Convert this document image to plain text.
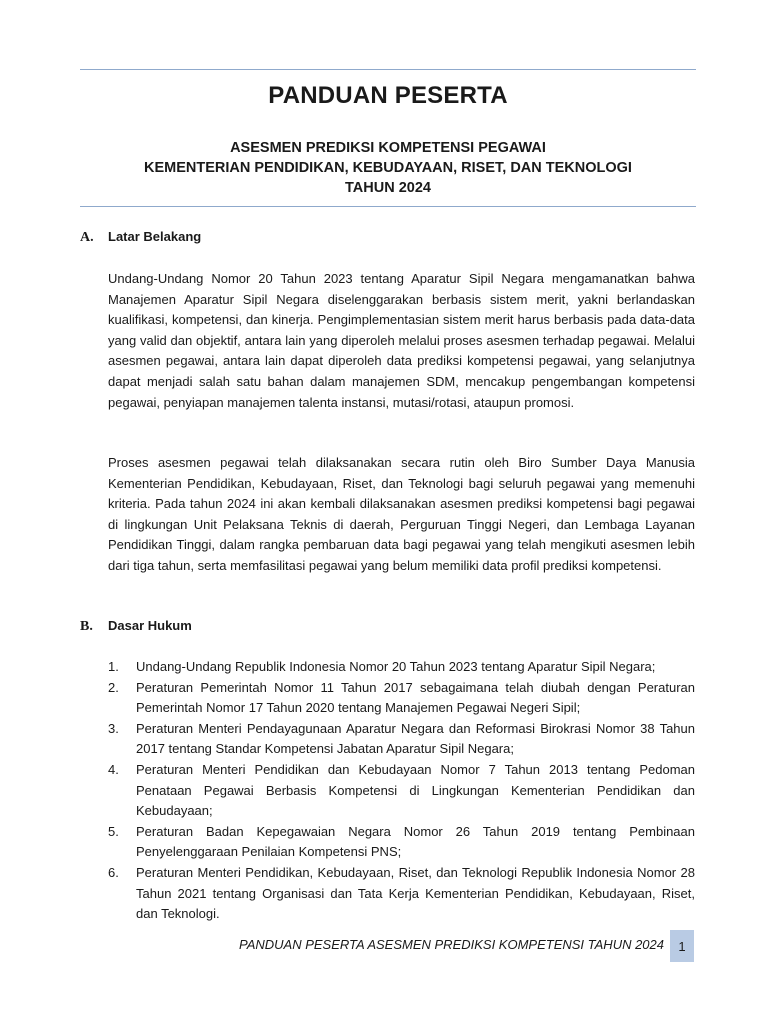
PANDUAN PESERTA
ASESMEN PREDIKSI KOMPETENSI PEGAWAI
KEMENTERIAN PENDIDIKAN, KEBUDAYAAN, RISET, DAN TEKNOLOGI
TAHUN 2024
A. Latar Belakang

Undang-Undang Nomor 20 Tahun 2023 tentang Aparatur Sipil Negara mengamanatkan bahwa Manajemen Aparatur Sipil Negara diselenggarakan berbasis sistem merit, yakni berlandaskan kualifikasi, kompetensi, dan kinerja. Pengimplementasian sistem merit harus berbasis pada data-data yang valid dan objektif, antara lain yang diperoleh melalui proses asesmen terhadap pegawai. Melalui asesmen pegawai, antara lain dapat diperoleh data prediksi kompetensi pegawai, yang selanjutnya dapat menjadi salah satu bahan dalam manajemen SDM, mencakup pengembangan kompetensi pegawai, penyiapan manajemen talenta instansi, mutasi/rotasi, ataupun promosi.

Proses asesmen pegawai telah dilaksanakan secara rutin oleh Biro Sumber Daya Manusia Kementerian Pendidikan, Kebudayaan, Riset, dan Teknologi bagi seluruh pegawai yang memenuhi kriteria. Pada tahun 2024 ini akan kembali dilaksanakan asesmen prediksi kompetensi bagi pegawai di lingkungan Unit Pelaksana Teknis di daerah, Perguruan Tinggi Negeri, dan Lembaga Layanan Pendidikan Tinggi, dalam rangka pembaruan data bagi pegawai yang telah mengikuti asesmen lebih dari tiga tahun, serta memfasilitasi pegawai yang belum memiliki data profil prediksi kompetensi.

B. Dasar Hukum
1.	Undang-Undang Republik Indonesia Nomor 20 Tahun 2023 tentang Aparatur Sipil Negara;
2.	Peraturan Pemerintah Nomor 11 Tahun 2017 sebagaimana telah diubah dengan Peraturan Pemerintah Nomor 17 Tahun 2020 tentang Manajemen Pegawai Negeri Sipil;
3.	Peraturan Menteri Pendayagunaan Aparatur Negara dan Reformasi Birokrasi Nomor 38 Tahun 2017 tentang Standar Kompetensi Jabatan Aparatur Sipil Negara;
4.	Peraturan Menteri Pendidikan dan Kebudayaan Nomor 7 Tahun 2013 tentang Pedoman Penataan Pegawai Berbasis Kompetensi di Lingkungan Kementerian Pendidikan dan Kebudayaan;
5.	Peraturan Badan Kepegawaian Negara Nomor 26 Tahun 2019 tentang Pembinaan Penyelenggaraan Penilaian Kompetensi PNS;
6.	Peraturan Menteri Pendidikan, Kebudayaan, Riset, dan Teknologi Republik Indonesia Nomor 28 Tahun 2021 tentang Organisasi dan Tata Kerja Kementerian Pendidikan, Kebudayaan, Riset, dan Teknologi.
PANDUAN PESERTA ASESMEN PREDIKSI KOMPETENSI TAHUN 2024	1
